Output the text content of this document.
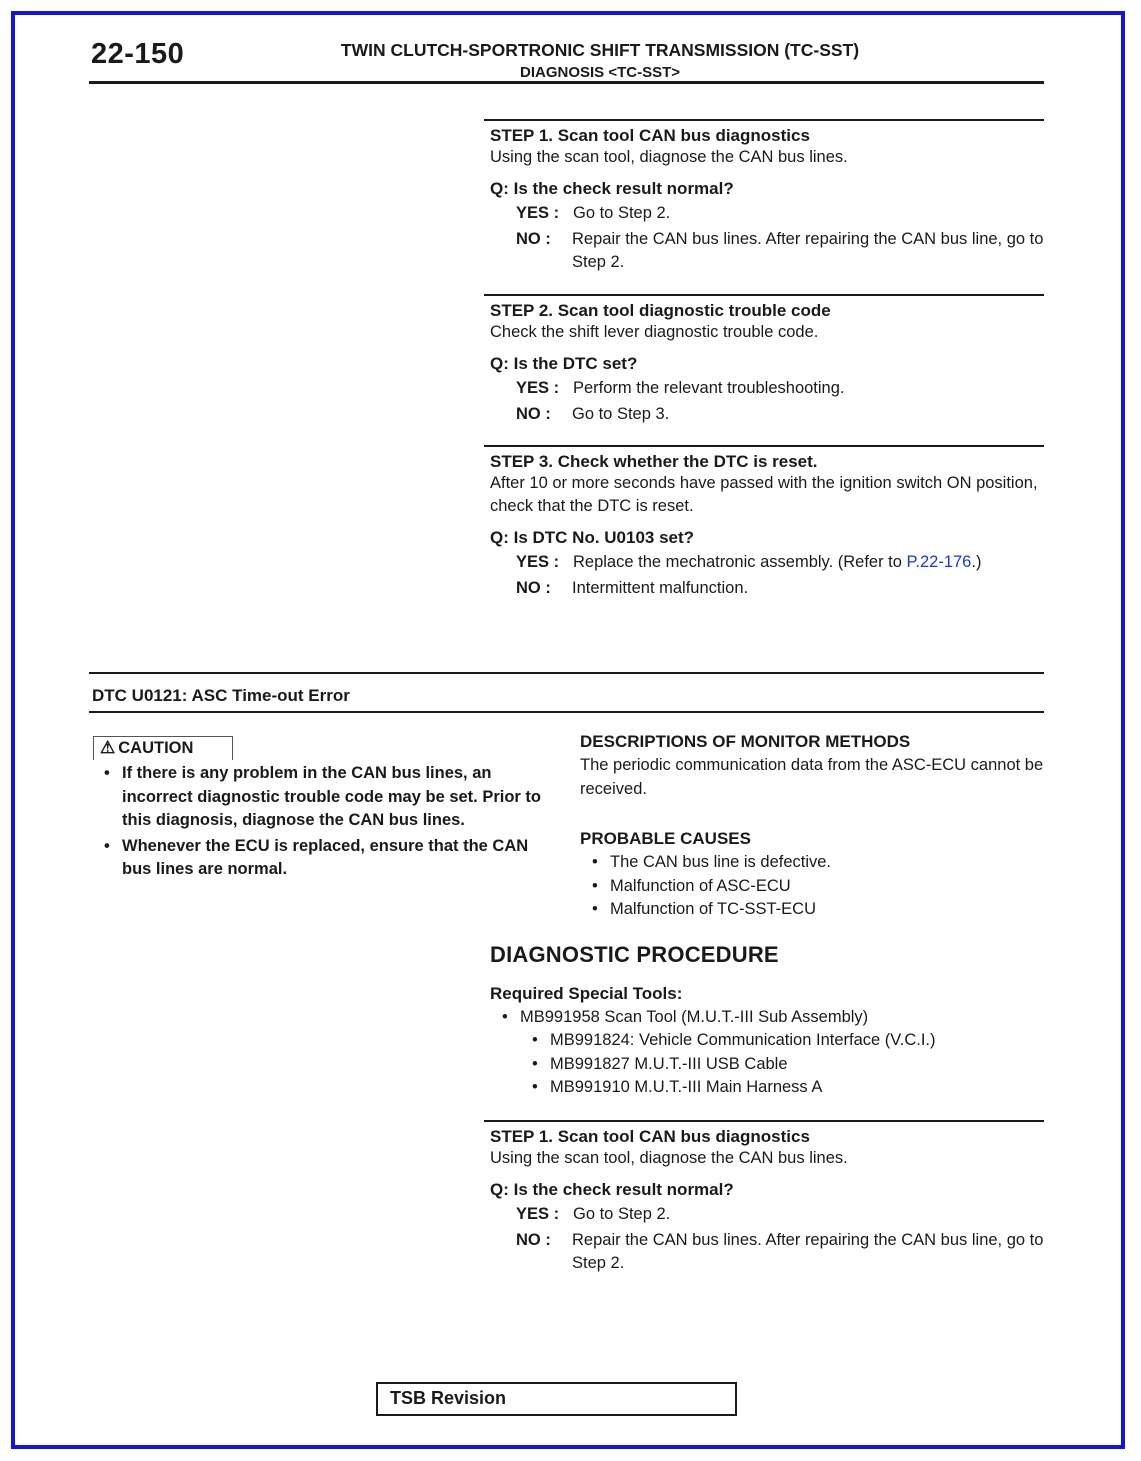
22-150	TWIN CLUTCH-SPORTRONIC SHIFT TRANSMISSION (TC-SST)
DIAGNOSIS <TC-SST>
STEP 1. Scan tool CAN bus diagnostics
Using the scan tool, diagnose the CAN bus lines.
Q: Is the check result normal?
YES : Go to Step 2.
NO : Repair the CAN bus lines. After repairing the CAN bus line, go to Step 2.
STEP 2. Scan tool diagnostic trouble code
Check the shift lever diagnostic trouble code.
Q: Is the DTC set?
YES : Perform the relevant troubleshooting.
NO : Go to Step 3.
STEP 3. Check whether the DTC is reset.
After 10 or more seconds have passed with the ignition switch ON position, check that the DTC is reset.
Q: Is DTC No. U0103 set?
YES : Replace the mechatronic assembly. (Refer to P.22-176.)
NO : Intermittent malfunction.
DTC U0121: ASC Time-out Error
⚠ CAUTION
• If there is any problem in the CAN bus lines, an incorrect diagnostic trouble code may be set. Prior to this diagnosis, diagnose the CAN bus lines.
• Whenever the ECU is replaced, ensure that the CAN bus lines are normal.
DESCRIPTIONS OF MONITOR METHODS
The periodic communication data from the ASC-ECU cannot be received.
PROBABLE CAUSES
• The CAN bus line is defective.
• Malfunction of ASC-ECU
• Malfunction of TC-SST-ECU
DIAGNOSTIC PROCEDURE
Required Special Tools:
• MB991958 Scan Tool (M.U.T.-III Sub Assembly)
• MB991824: Vehicle Communication Interface (V.C.I.)
• MB991827 M.U.T.-III USB Cable
• MB991910 M.U.T.-III Main Harness A
STEP 1. Scan tool CAN bus diagnostics
Using the scan tool, diagnose the CAN bus lines.
Q: Is the check result normal?
YES : Go to Step 2.
NO : Repair the CAN bus lines. After repairing the CAN bus line, go to Step 2.
TSB Revision
